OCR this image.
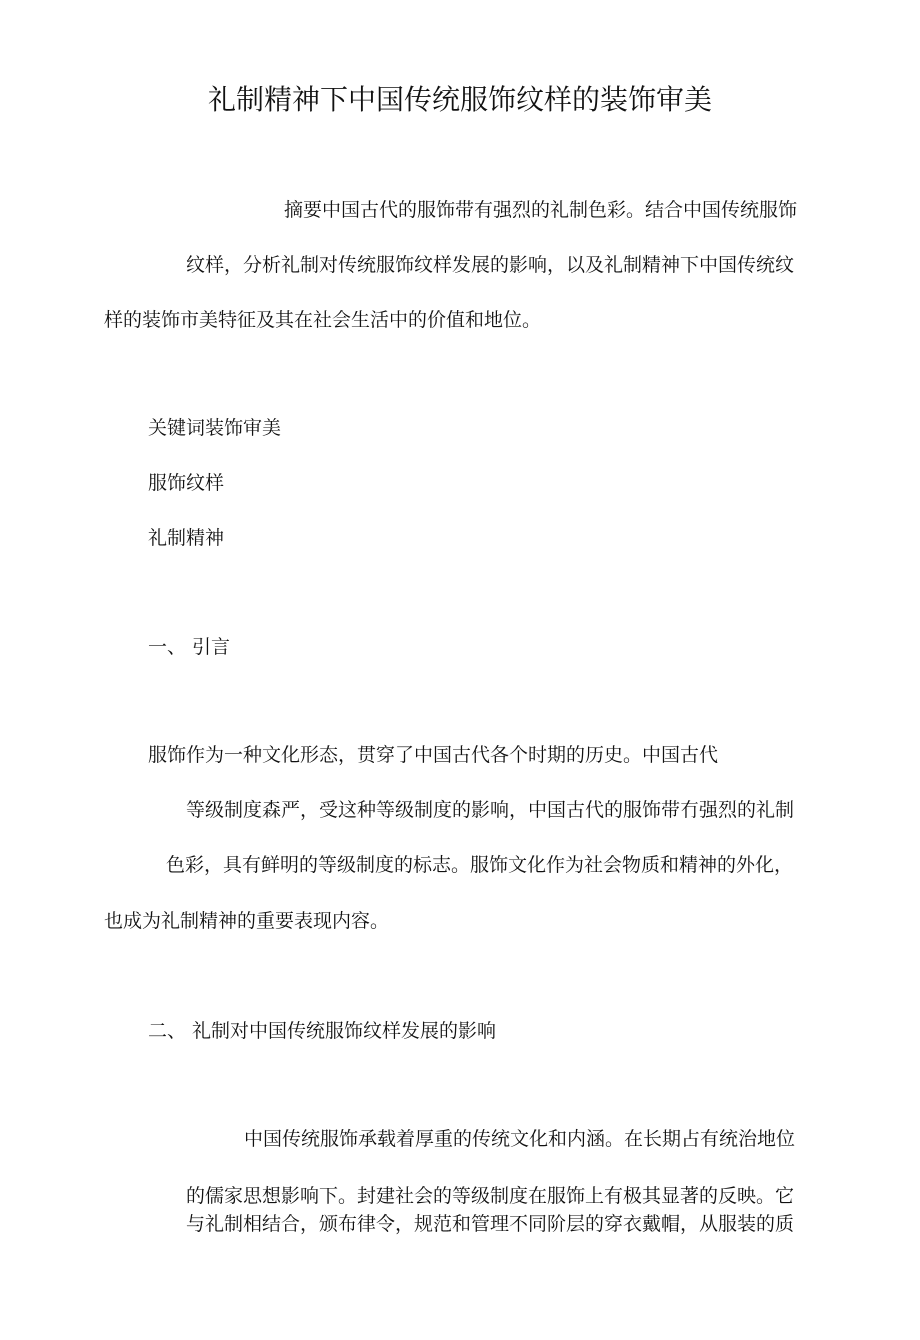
礼制精神下中国传统服饰纹样的装饰审美
摘要中国古代的服饰带有强烈的礼制色彩。结合中国传统服饰
纹样，分析礼制对传统服饰纹样发展的影响，以及礼制精神下中国传统纹
样的装饰市美特征及其在社会生活中的价值和地位。
关键词装饰审美
服饰纹样
礼制精神
一、 引言
服饰作为一种文化形态，贯穿了中国古代各个时期的历史。中国古代
等级制度森严，受这种等级制度的影响，中国古代的服饰带冇强烈的礼制
色彩，具有鲜明的等级制度的标志。服饰文化作为社会物质和精神的外化，
也成为礼制精神的重要表现内容。
二、 礼制对中国传统服饰纹样发展的影响
中国传统服饰承载着厚重的传统文化和内涵。在长期占有统治地位
的儒家思想影响下。封建社会的等级制度在服饰上有极其显著的反映。它
与礼制相结合，颁布律令，规范和管理不同阶层的穿衣戴帽，从服装的质
